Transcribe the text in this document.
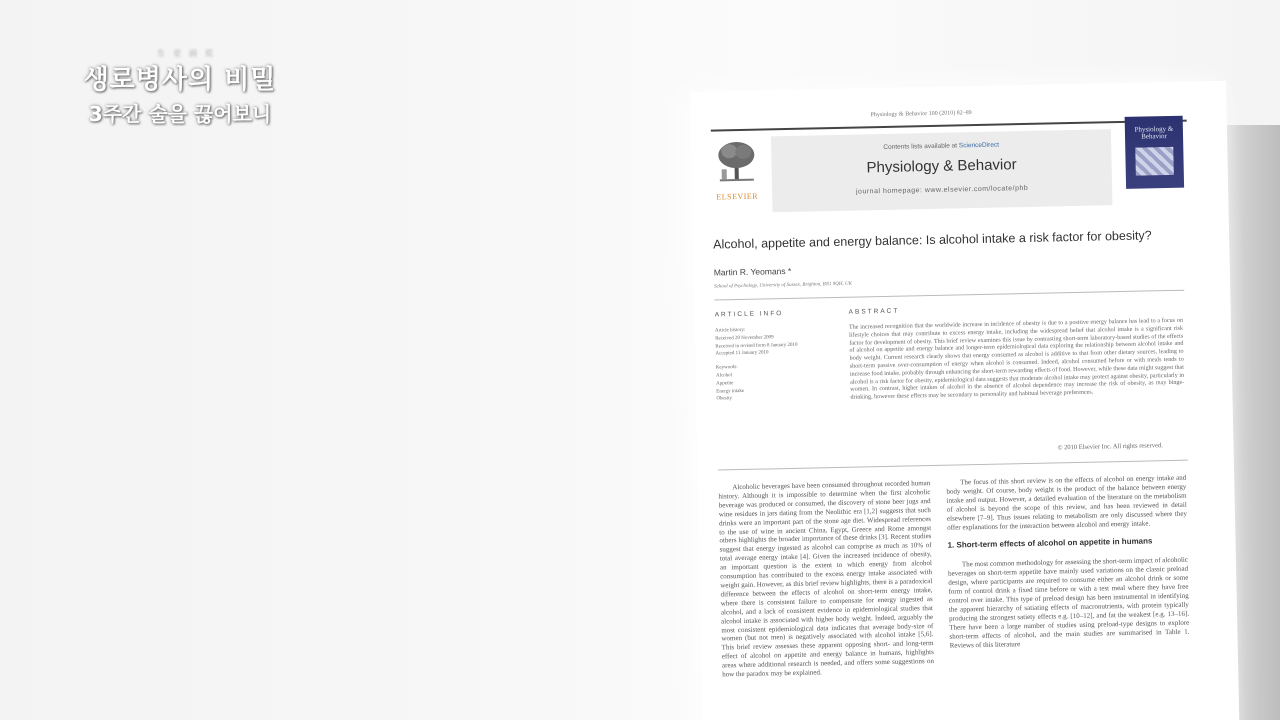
生 老 病 死
생로병사의 비밀
3주간 술을 끊어보니	Physiology & Behavior 100 (2010) 82–89
ELSEVIER
Contents lists available at ScienceDirect
Physiology & Behavior
journal homepage: www.elsevier.com/locate/phb
Physiology & Behavior
Alcohol, appetite and energy balance: Is alcohol intake a risk factor for obesity?
Martin R. Yeomans *
School of Psychology, University of Sussex, Brighton, BN1 9QH, UK
ARTICLE INFO	ABSTRACT
Article history:
Received 20 November 2009
Received in revised form 8 January 2010
Accepted 11 January 2010
Keywords:
Alcohol
Appetite
Energy intake
Obesity
The increased recognition that the worldwide increase in incidence of obesity is due to a positive energy balance has lead to a focus on lifestyle choices that may contribute to excess energy intake, including the widespread belief that alcohol intake is a significant risk factor for development of obesity. This brief review examines this issue by contrasting short-term laboratory-based studies of the effects of alcohol on appetite and energy balance and longer-term epidemiological data exploring the relationship between alcohol intake and body weight. Current research clearly shows that energy consumed as alcohol is additive to that from other dietary sources, leading to short-term passive over-consumption of energy when alcohol is consumed. Indeed, alcohol consumed before or with meals tends to increase food intake, probably through enhancing the short-term rewarding effects of food. However, while these data might suggest that alcohol is a risk factor for obesity, epidemiological data suggests that moderate alcohol intake may protect against obesity, particularly in women. In contrast, higher intakes of alcohol in the absence of alcohol dependence may increase the risk of obesity, as may binge-drinking, however these effects may be secondary to personality and habitual beverage preferences.
© 2010 Elsevier Inc. All rights reserved.

Alcoholic beverages have been consumed throughout recorded human history. Although it is impossible to determine when the first alcoholic beverage was produced or consumed, the discovery of stone beer jugs and wine residues in jars dating from the Neolithic era [1,2] suggests that such drinks were an important part of the stone age diet. Widespread references to the use of wine in ancient China, Egypt, Greece and Rome amongst others highlights the broader importance of these drinks [3]. Recent studies suggest that energy ingested as alcohol can comprise as much as 10% of total average energy intake [4]. Given the increased incidence of obesity, an important question is the extent to which energy from alcohol consumption has contributed to the excess energy intake associated with weight gain. However, as this brief review highlights, there is a paradoxical difference between the effects of alcohol on short-term energy intake, where there is consistent failure to compensate for energy ingested as alcohol, and a lack of consistent evidence in epidemiological studies that alcohol intake is associated with higher body weight. Indeed, arguably the most consistent epidemiological data indicates that average body-size of women (but not men) is negatively associated with alcohol intake [5,6]. This brief review assesses these apparent opposing short- and long-term effect of alcohol on appetite and energy balance in humans, highlights areas where additional research is needed, and offers some suggestions on how the paradox may be explained.

The focus of this short review is on the effects of alcohol on energy intake and body weight. Of course, body weight is the product of the balance between energy intake and output. However, a detailed evaluation of the literature on the metabolism of alcohol is beyond the scope of this review, and has been reviewed in detail elsewhere [7–9]. Thus issues relating to metabolism are only discussed where they offer explanations for the interaction between alcohol and energy intake.

1. Short-term effects of alcohol on appetite in humans

The most common methodology for assessing the short-term impact of alcoholic beverages on short-term appetite have mainly used variations on the classic preload design, where participants are required to consume either an alcohol drink or some form of control drink a fixed time before or with a test meal where they have free control over intake. This type of preload design has been instrumental in identifying the apparent hierarchy of satiating effects of macronutrients, with protein typically producing the strongest satiety effects e.g. [10–12], and fat the weakest [e.g. 13–16]. There have been a large number of studies using preload-type designs to explore short-term effects of alcohol, and the main studies are summarised in Table 1. Reviews of this literature
